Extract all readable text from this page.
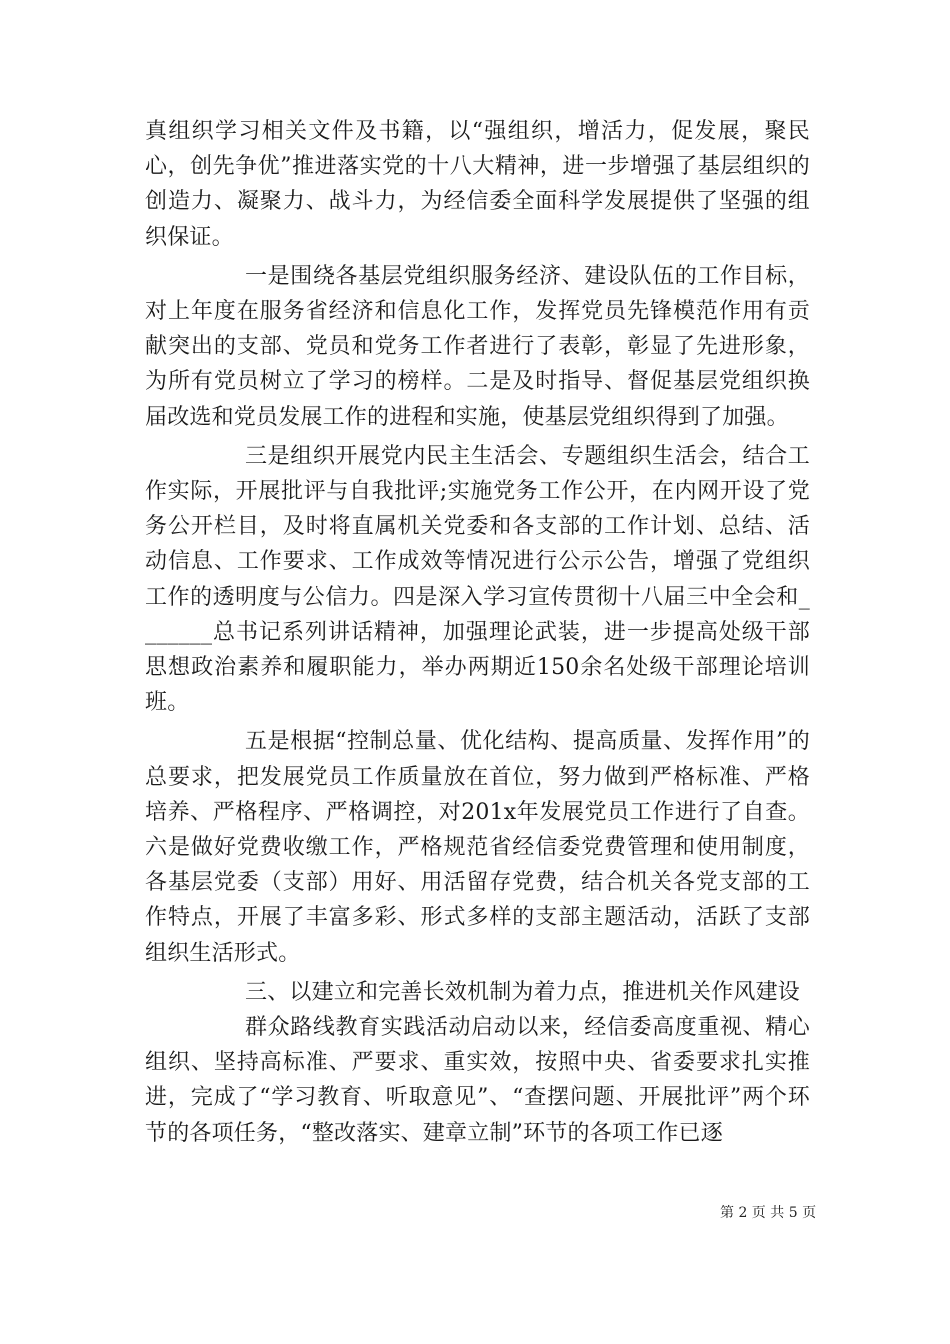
真组织学习相关文件及书籍，以“强组织，增活力，促发展，聚民心，创先争优”推进落实党的十八大精神，进一步增强了基层组织的创造力、凝聚力、战斗力，为经信委全面科学发展提供了坚强的组织保证。

一是围绕各基层党组织服务经济、建设队伍的工作目标，对上年度在服务省经济和信息化工作，发挥党员先锋模范作用有贡献突出的支部、党员和党务工作者进行了表彰，彰显了先进形象，为所有党员树立了学习的榜样。二是及时指导、督促基层党组织换届改选和党员发展工作的进程和实施，使基层党组织得到了加强。

三是组织开展党内民主生活会、专题组织生活会，结合工作实际，开展批评与自我批评;实施党务工作公开，在内网开设了党务公开栏目，及时将直属机关党委和各支部的工作计划、总结、活动信息、工作要求、工作成效等情况进行公示公告，增强了党组织工作的透明度与公信力。四是深入学习宣传贯彻十八届三中全会和_______总书记系列讲话精神，加强理论武装，进一步提高处级干部思想政治素养和履职能力，举办两期近150余名处级干部理论培训班。

五是根据“控制总量、优化结构、提高质量、发挥作用”的总要求，把发展党员工作质量放在首位，努力做到严格标准、严格培养、严格程序、严格调控，对201x年发展党员工作进行了自查。六是做好党费收缴工作，严格规范省经信委党费管理和使用制度，各基层党委（支部）用好、用活留存党费，结合机关各党支部的工作特点，开展了丰富多彩、形式多样的支部主题活动，活跃了支部组织生活形式。

三、以建立和完善长效机制为着力点，推进机关作风建设

群众路线教育实践活动启动以来，经信委高度重视、精心组织、坚持高标准、严要求、重实效，按照中央、省委要求扎实推进，完成了“学习教育、听取意见”、“查摆问题、开展批评”两个环节的各项任务，“整改落实、建章立制”环节的各项工作已逐

第 2 页 共 5 页
